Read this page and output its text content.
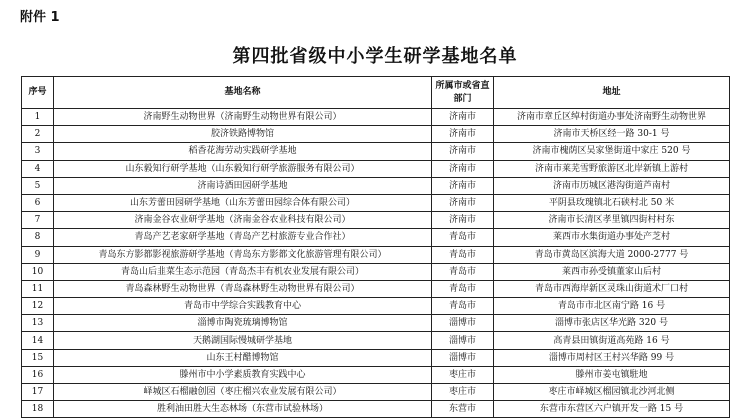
附件 1
第四批省级中小学生研学基地名单
序号	基地名称	所属市或省直部门	地址
1	济南野生动物世界（济南野生动物世界有限公司）	济南市	济南市章丘区绰村街道办事处济南野生动物世界
2	胶济铁路博物馆	济南市	济南市天桥区经一路 30-1 号
3	稻香花海劳动实践研学基地	济南市	济南市槐荫区吴家堡街道中家庄 520 号
4	山东毅知行研学基地（山东毅知行研学旅游服务有限公司）	济南市	济南市莱芜雪野旅游区北岸新镇上游村
5	济南诗酒田园研学基地	济南市	济南市历城区港沟街道芦南村
6	山东芳蕾田园研学基地（山东芳蕾田园综合体有限公司）	济南市	平阴县玫瑰镇北石硖村北 50 米
7	济南金谷农业研学基地（济南金谷农业科技有限公司）	济南市	济南市长清区孝里镇四街村村东
8	青岛产艺老家研学基地（青岛产艺村旅游专业合作社）	青岛市	莱西市水集街道办事处产芝村
9	青岛东方影都影视旅游研学基地（青岛东方影都文化旅游管理有限公司）	青岛市	青岛市黄岛区滨海大道 2000-2777 号
10	青岛山后韭菜生态示范园（青岛杰丰有机农业发展有限公司）	青岛市	莱西市孙受镇董家山后村
11	青岛森林野生动物世界（青岛森林野生动物世界有限公司）	青岛市	青岛市西海岸新区灵珠山街道术厂口村
12	青岛市中学综合实践教育中心	青岛市	青岛市市北区南宁路 16 号
13	淄博市陶瓷琉璃博物馆	淄博市	淄博市张店区华光路 320 号
14	天鹅湖国际慢城研学基地	淄博市	高青县田镇街道高苑路 16 号
15	山东王村醋博物馆	淄博市	淄博市周村区王村兴华路 99 号
16	滕州市中小学素质教育实践中心	枣庄市	滕州市姜屯镇駐地
17	峄城区石榴融创园（枣庄榴兴农业发展有限公司）	枣庄市	枣庄市峄城区榴园镇北沙河北侧
18	胜利油田胜大生态林场（东营市试验林场）	东营市	东营市东营区六户镇开发一路 15 号
